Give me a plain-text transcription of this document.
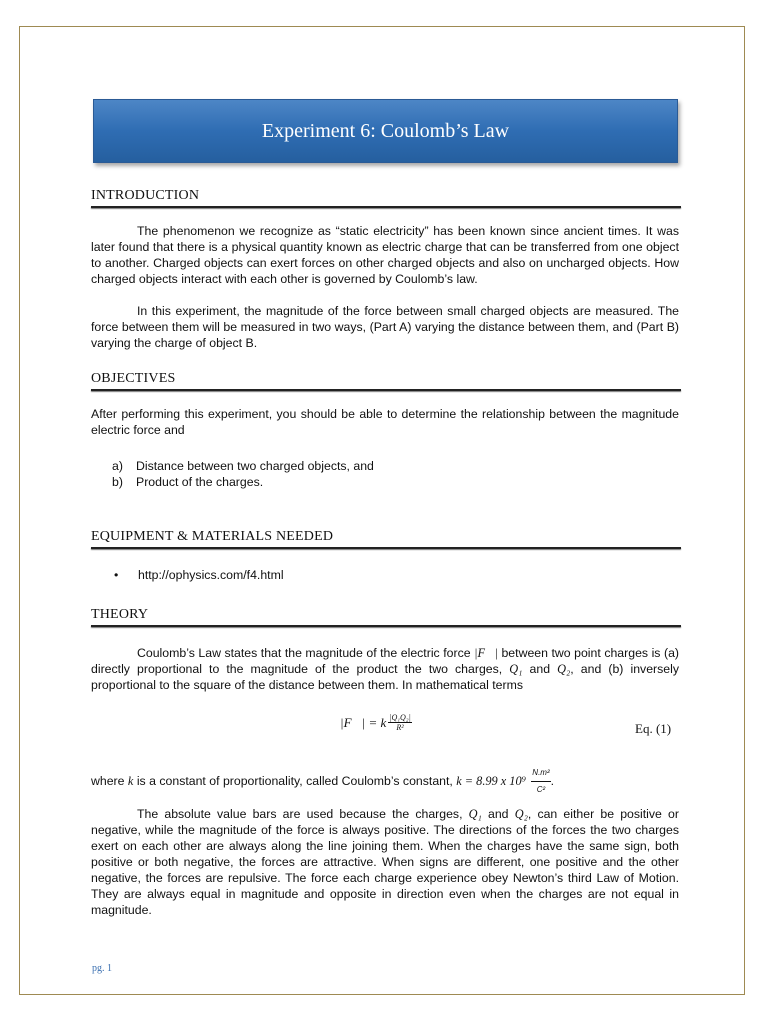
Experiment 6: Coulomb’s Law
INTRODUCTION

The phenomenon we recognize as “static electricity” has been known since ancient times. It was later found that there is a physical quantity known as electric charge that can be transferred from one object to another. Charged objects can exert forces on other charged objects and also on uncharged objects. How charged objects interact with each other is governed by Coulomb’s law.

In this experiment, the magnitude of the force between small charged objects are measured. The force between them will be measured in two ways, (Part A) varying the distance between them, and (Part B) varying the charge of object B.

OBJECTIVES

After performing this experiment, you should be able to determine the relationship between the magnitude electric force and

a) Distance between two charged objects, and
b) Product of the charges.
EQUIPMENT & MATERIALS NEEDED
• http://ophysics.com/f4.html
THEORY

Coulomb’s Law states that the magnitude of the electric force |F⃗| between two point charges is (a) directly proportional to the magnitude of the product the two charges, Q₁ and Q₂, and (b) inversely proportional to the square of the distance between them. In mathematical terms

|F⃗| = k $\frac{\text{|Q₁Q₂|}}{\text{R²}}$	Eq. (1)

where k is a constant of proportionality, called Coulomb’s constant, k = 8.99 x $10^9 \frac{\text{N.m²}}{\text{C²}}$ .

The absolute value bars are used because the charges, Q₁ and Q₂, can either be positive or negative, while the magnitude of the force is always positive. The directions of the forces the two charges exert on each other are always along the line joining them. When the charges have the same sign, both positive or both negative, the forces are attractive. When signs are different, one positive and the other negative, the forces are repulsive. The force each charge experience obey Newton’s third Law of Motion. They are always equal in magnitude and opposite in direction even when the charges are not equal in magnitude.

pg. 1
